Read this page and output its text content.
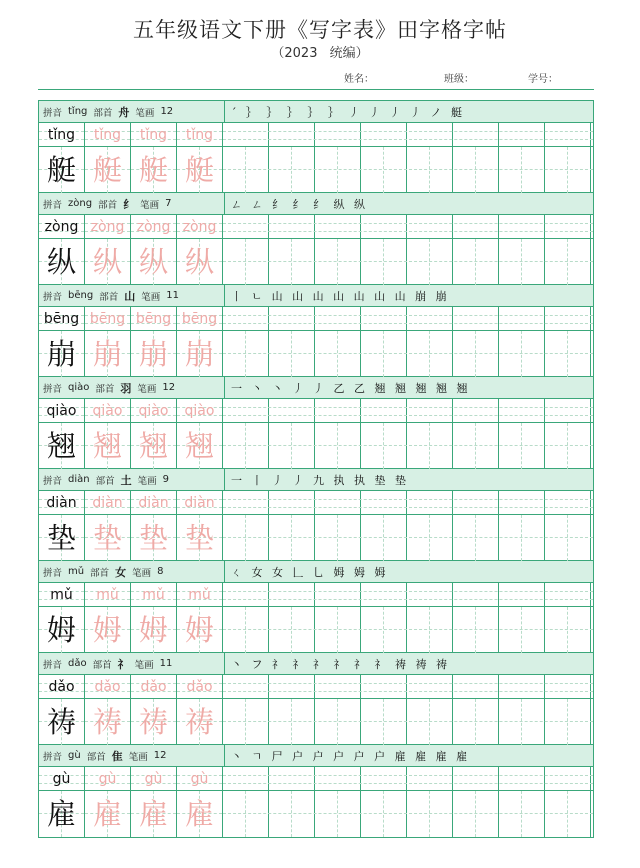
五年级语文下册《写字表》田字格字帖
（2023 统编）
姓名：	班级：	学号：
拼音 tǐng 部首 舟 笔画 12	´ ｝ ｝ ｝ ｝ ｝ 丿 丿 丿 丿 ノ 艇
tǐng tǐng tǐng tǐng
艇 艇 艇 艇
拼音 zòng 部首 纟 笔画 7	ㄥ ㄥ 纟 纟 纟 纵 纵
zòng zòng zòng zòng
纵 纵 纵 纵
拼音 bēng 部首 山 笔画 11	丨 ㄴ 山 山 山 山 山 山 山 崩 崩
bēng bēng bēng bēng
崩 崩 崩 崩
拼音 qiào 部首 羽 笔画 12	一 丶 丶 丿 丿 乙 乙 翘 翘 翘 翘 翘
qiào qiào qiào qiào
翘 翘 翘 翘
拼音 diàn 部首 土 笔画 9	一 丨 丿 丿 九 执 执 垫 垫
diàn diàn diàn diàn
垫 垫 垫 垫
拼音 mǔ 部首 女 笔画 8	ㄑ 女 女 𠃊 乚 姆 姆 姆
mǔ mǔ mǔ mǔ
姆 姆 姆 姆
拼音 dǎo 部首 礻 笔画 11	丶 フ 礻 礻 礻 礻 礻 礻 祷 祷 祷
dǎo dǎo dǎo dǎo
祷 祷 祷 祷
拼音 gù 部首 隹 笔画 12	丶 ㄱ 尸 户 户 户 户 户 雇 雇 雇 雇
gù gù gù gù
雇 雇 雇 雇
